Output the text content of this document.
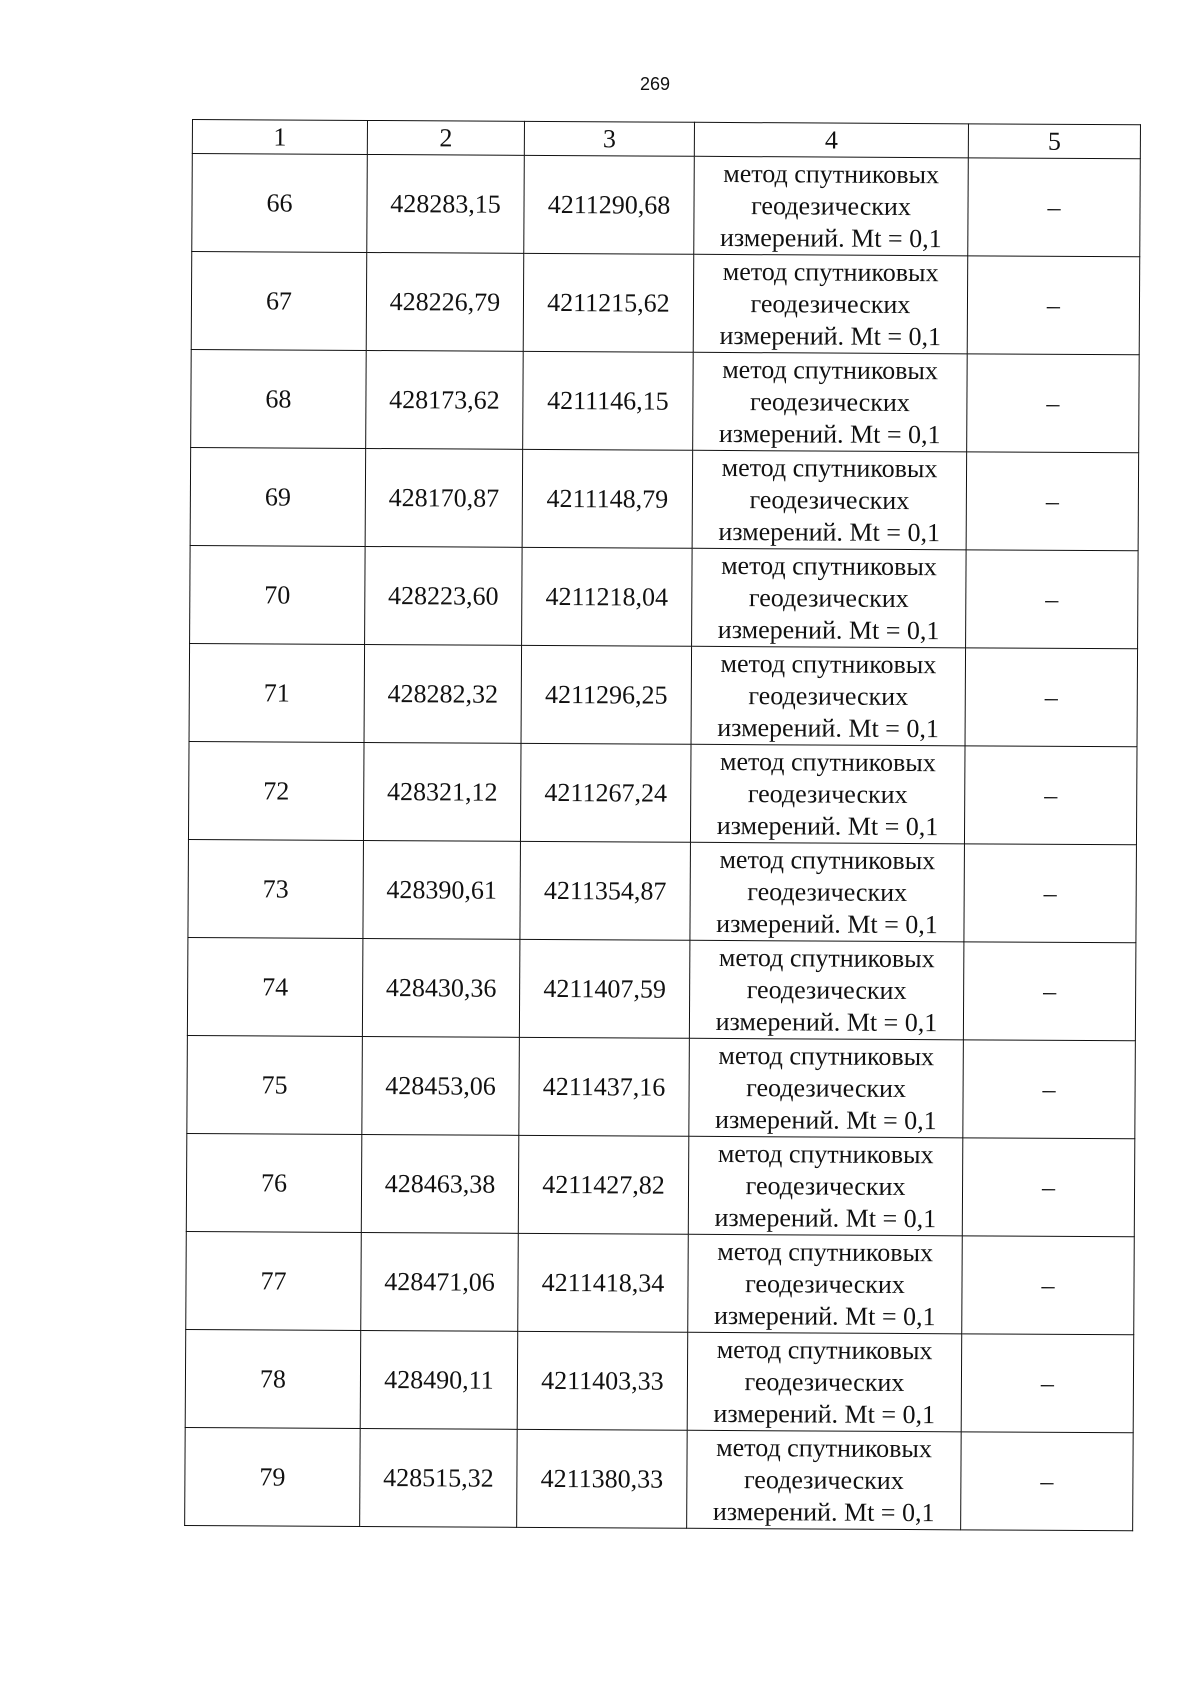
269
1	2	3	4	5
66	428283,15	4211290,68	метод спутниковых
геодезических
измерений. Mt = 0,1	–
67	428226,79	4211215,62	метод спутниковых
геодезических
измерений. Mt = 0,1	–
68	428173,62	4211146,15	метод спутниковых
геодезических
измерений. Mt = 0,1	–
69	428170,87	4211148,79	метод спутниковых
геодезических
измерений. Mt = 0,1	–
70	428223,60	4211218,04	метод спутниковых
геодезических
измерений. Mt = 0,1	–
71	428282,32	4211296,25	метод спутниковых
геодезических
измерений. Mt = 0,1	–
72	428321,12	4211267,24	метод спутниковых
геодезических
измерений. Mt = 0,1	–
73	428390,61	4211354,87	метод спутниковых
геодезических
измерений. Mt = 0,1	–
74	428430,36	4211407,59	метод спутниковых
геодезических
измерений. Mt = 0,1	–
75	428453,06	4211437,16	метод спутниковых
геодезических
измерений. Mt = 0,1	–
76	428463,38	4211427,82	метод спутниковых
геодезических
измерений. Mt = 0,1	–
77	428471,06	4211418,34	метод спутниковых
геодезических
измерений. Mt = 0,1	–
78	428490,11	4211403,33	метод спутниковых
геодезических
измерений. Mt = 0,1	–
79	428515,32	4211380,33	метод спутниковых
геодезических
измерений. Mt = 0,1	–
